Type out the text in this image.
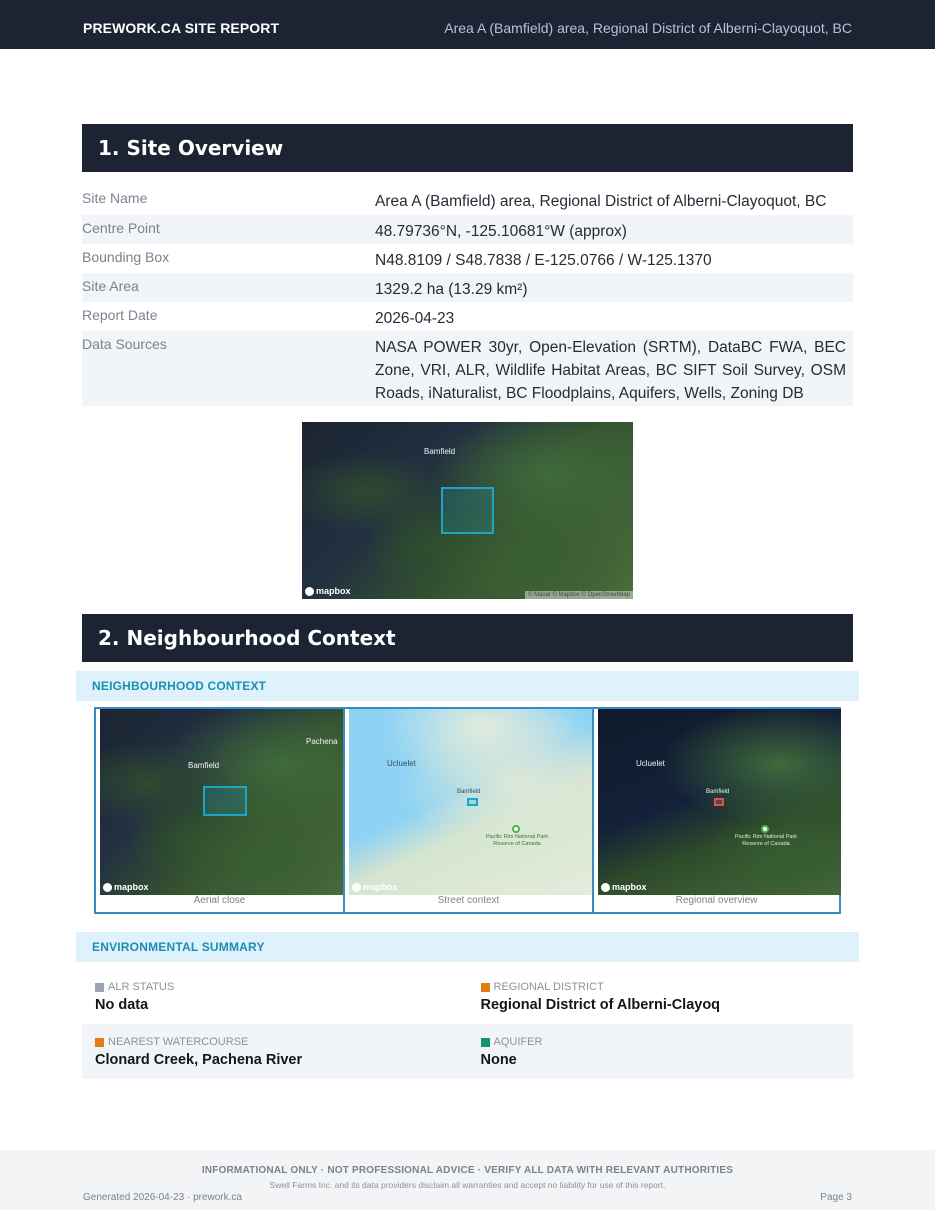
PREWORK.CA SITE REPORT	Area A (Bamfield) area, Regional District of Alberni-Clayoquot, BC
1. Site Overview
Site Name	Area A (Bamfield) area, Regional District of Alberni-Clayoquot, BC
Centre Point	48.79736°N, -125.10681°W (approx)
Bounding Box	N48.8109 / S48.7838 / E-125.0766 / W-125.1370
Site Area	1329.2 ha (13.29 km²)
Report Date	2026-04-23
Data Sources	NASA POWER 30yr, Open-Elevation (SRTM), DataBC FWA, BEC Zone, VRI, ALR, Wildlife Habitat Areas, BC SIFT Soil Survey, OSM Roads, iNaturalist, BC Floodplains, Aquifers, Wells, Zoning DB
Bamfield
mapbox	© Maxar © Mapbox © OpenStreetMap
2. Neighbourhood Context
NEIGHBOURHOOD CONTEXT
Bamfield
Pachena
mapbox
Aerial close
Ucluelet
Bamfield
Pacific Rim National Park Reserve of Canada
mapbox
Street context
Ucluelet
Bamfield
Pacific Rim National Park Reserve of Canada
mapbox
Regional overview
ENVIRONMENTAL SUMMARY
ALR STATUS
No data
REGIONAL DISTRICT
Regional District of Alberni-Clayoq
NEAREST WATERCOURSE
Clonard Creek, Pachena River
AQUIFER
None
INFORMATIONAL ONLY · NOT PROFESSIONAL ADVICE · VERIFY ALL DATA WITH RELEVANT AUTHORITIES
Swell Farms Inc. and its data providers disclaim all warranties and accept no liability for use of this report.
Generated 2026-04-23 · prework.ca	Page 3
